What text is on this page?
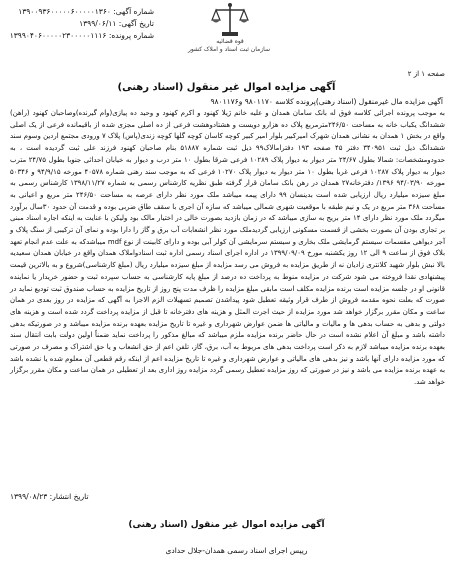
شماره آگهی: ۱۳۹۰۰۹۳۶۰۰۰۰۰۶۰۰۰۰۰۱۳۶۰
تاریخ آگهی: ۱۳۹۹/۰۶/۱۱
شماره پرونده: ۱۳۹۹۰۴۰۶۰۰۰۰۰۲۳۰۰۰۰۰۱۱۱۶
قوه قضائیه
سازمان ثبت اسناد و املاک کشور
صفحه ۱ از ۲
آگهی مزایده اموال غیر منقول (اسناد رهنی)
آگهی مزایده مال غیرمنقول (اسناد رهنی)پرونده کلاسه ۹۸۰۱۱۷۰ و۹۸۰۱۱۷۶

به موجب پرونده اجرائی کلاسه فوق له بانک سامان همدان و علیه خانم ژیلا کهنود و اکرم کهنود و وحید ده پیازی(وام گیرنده)وصاحبان کهنود (راهن) ششدانگ یکباب خانه به مساحت ۲۴۶/۵۰مترمربع پلاک ده هزارو دویست و هشتادوهشت فرعی از ده اصلی مجزی شده از باقیمانده فرعی از یک اصلی واقع در بخش ۱ همدان به نشانی همدان شهرک امیرکبیر بلوار امیر کبیر کوچه کاسان کوچه گلها کوچه زندی(پاس) پلاک ۷ ورودی مجتمع اردین وسوم سند ششدانگ ذیل ثبت ۳۴۰۹۵۱ دفتر ۴۵ صفحه ۱۹۳ دفترامالاک۹۹ ذیل ثبت شماره ۵۱۸۸۷ بنام صاحبان کهنود فرزند علی ثبت گردیده است ، به حدودومشخصات: شمالا بطول ۲۴/۶۷ متر دیوار به دیوار پلاک ۱۰۲۸۹ فرعی شرقا بطول ۱۰ متر درب و دیوار به خیابان احداثی جنوبا بطول ۲۴/۷۵ مترب دیوار به دیوار پلاک ۱۰۲۸۷ فرعی غربا بطول ۱۰ متر دیوار به دیوار پلاک ۱۰۲۷۰ فرعی که به موجب سند رهنی شماره ۴۰۵۷۸ مورخه ۹۴/۹/۱۵ و ۵۰۳۴۶ مورخه ۹۴/۰۳/۹۰ ۱۳۹۶/ دفترخانه۲۷ همدان در رهن بانک سامان قرار گرفته طبق نظریه کارشناس رسمی به شماره ۱۳۹۸/۱۱/۲۷ کارشناس رسمی به مبلغ سیزده میلیارد ریال ارزیابی شده است بدینسان ۹۹ دارای پیمه میباشد ملک مورد نظر دارای عرصه به مساحت ۲۴۶/۵۰ متر مربع و اعیانی به مساحت ۳۶۸ متر مربع در یک و نیم طبقه با موقعیت شهری شمالی میباشد که سازه آن اجری با سقف طاق ضربی بوده و قدمت آن حدود ۳۰سال برآورد میگردد ملک مورد نظر دارای ۱۴ متر بریج به سازی میباشد که در زمان بازدید بصورت خالی در اختیار مالک بود ولیکن با عنایت به اینکه اجاره اسناد مبنی بر تجاری بودن آن بصورت بخشی از قسمت مسکونی ارزیابی گردیدملک مورد نظر انشعابات آب برق و گاز را دارا بوده و نمای آن ترکیبی از سنگ پلاک و آجر دیواهی مقسمات سیستم گرمایشی ملک بخاری و سیستم سرمایشی آن کولر آبی بوده و دارای کابینت از نوع mdf میباشدکه به علت عدم انجام تعهد بلاک فوق از ساعت ۹ الی ۱۲ روز یکشنبه مورخ ۱۳۹۹/۰۹/۰۹ در اداره اجرای اسناد رسمی اداره ثبت اسنادواملاک همدان واقع در خیابان همدان سعیدیه بالا نبش بلوار شهید کلانتری زادیان نه از طریق مزایده به فروش می رسد مزایده از مبلغ سیزده میلیارد ریال (مبلغ کارشناسی)شروع و به بالاترین قیمت پیشنهادی نقدا فروخته می شود شرکت در مزایده منوط به پرداخت ده درصد از مبلغ پایه کارشناسی به حساب سپرده ثبت و حضور خریدار یا نماینده قانونی او در جلسه مزایده است برنده مزایده مکلف است مابقی مبلغ مزایده را ظرف مدت پنج روز از تاریخ مزایده به حساب صندوق ثبت تودیع نماید در صورت که بعلت نحوه مقدمه فروش از طرف قرار وثیقه تعطیل شود پیداشدن تصمیم تسهیلات الزم الاجرا به آگهی که مزایده در روز بعدی در همان ساعت و مکان مقرر برگزار خواهد شد مورد مزایده از حیث اجرت المثل و هزینه های دفترخانه تا قبل از مزایده پرداخت گردد شده است و هزینه های دولتی و بدهی به حساب بدهی ها و مالیات و مالیاتی ها ضمن عوارض شهرداری و غیره تا تاریخ مزایده بعهده برنده مزایده میباشد و در صورتیکه بدهی داشته باشد و مبلغ آن اعلام نشده است در حال حاضر برنده مزایده ملزم میباشد که مبالغ مذکور را پرداخت نماید ضمناً اولین دولت بابت انتقال سند بعهده برنده مزایده میباشد لازم به ذکر است پرداخت بدهی های مربوط به آب، برق، گاز، تلفن اعم از حق انشعاب و یا حق اشتراک و مصرف در صورتی که مورد مزایده دارای آنها باشد و نیز بدهی های مالیاتی و عوارض شهرداری و غیره تا تاریخ مزایده اعم از اینکه رقم قطعی آن معلوم شده یا نشده باشد به عهده برنده مزایده می باشد و نیز در صورتی که روز مزایده تعطیل رسمی گردد مزایده روز اداری بعد از تعطیلی در همان ساعت و مکان مقرر برگزار خواهد شد.

تاریخ انتشار: ۱۳۹۹/۰۸/۲۳
آگهی مزایده اموال غیر منقول (اسناد رهنی)
رییس اجرای اسناد رسمی همدان-جلال حدادی
